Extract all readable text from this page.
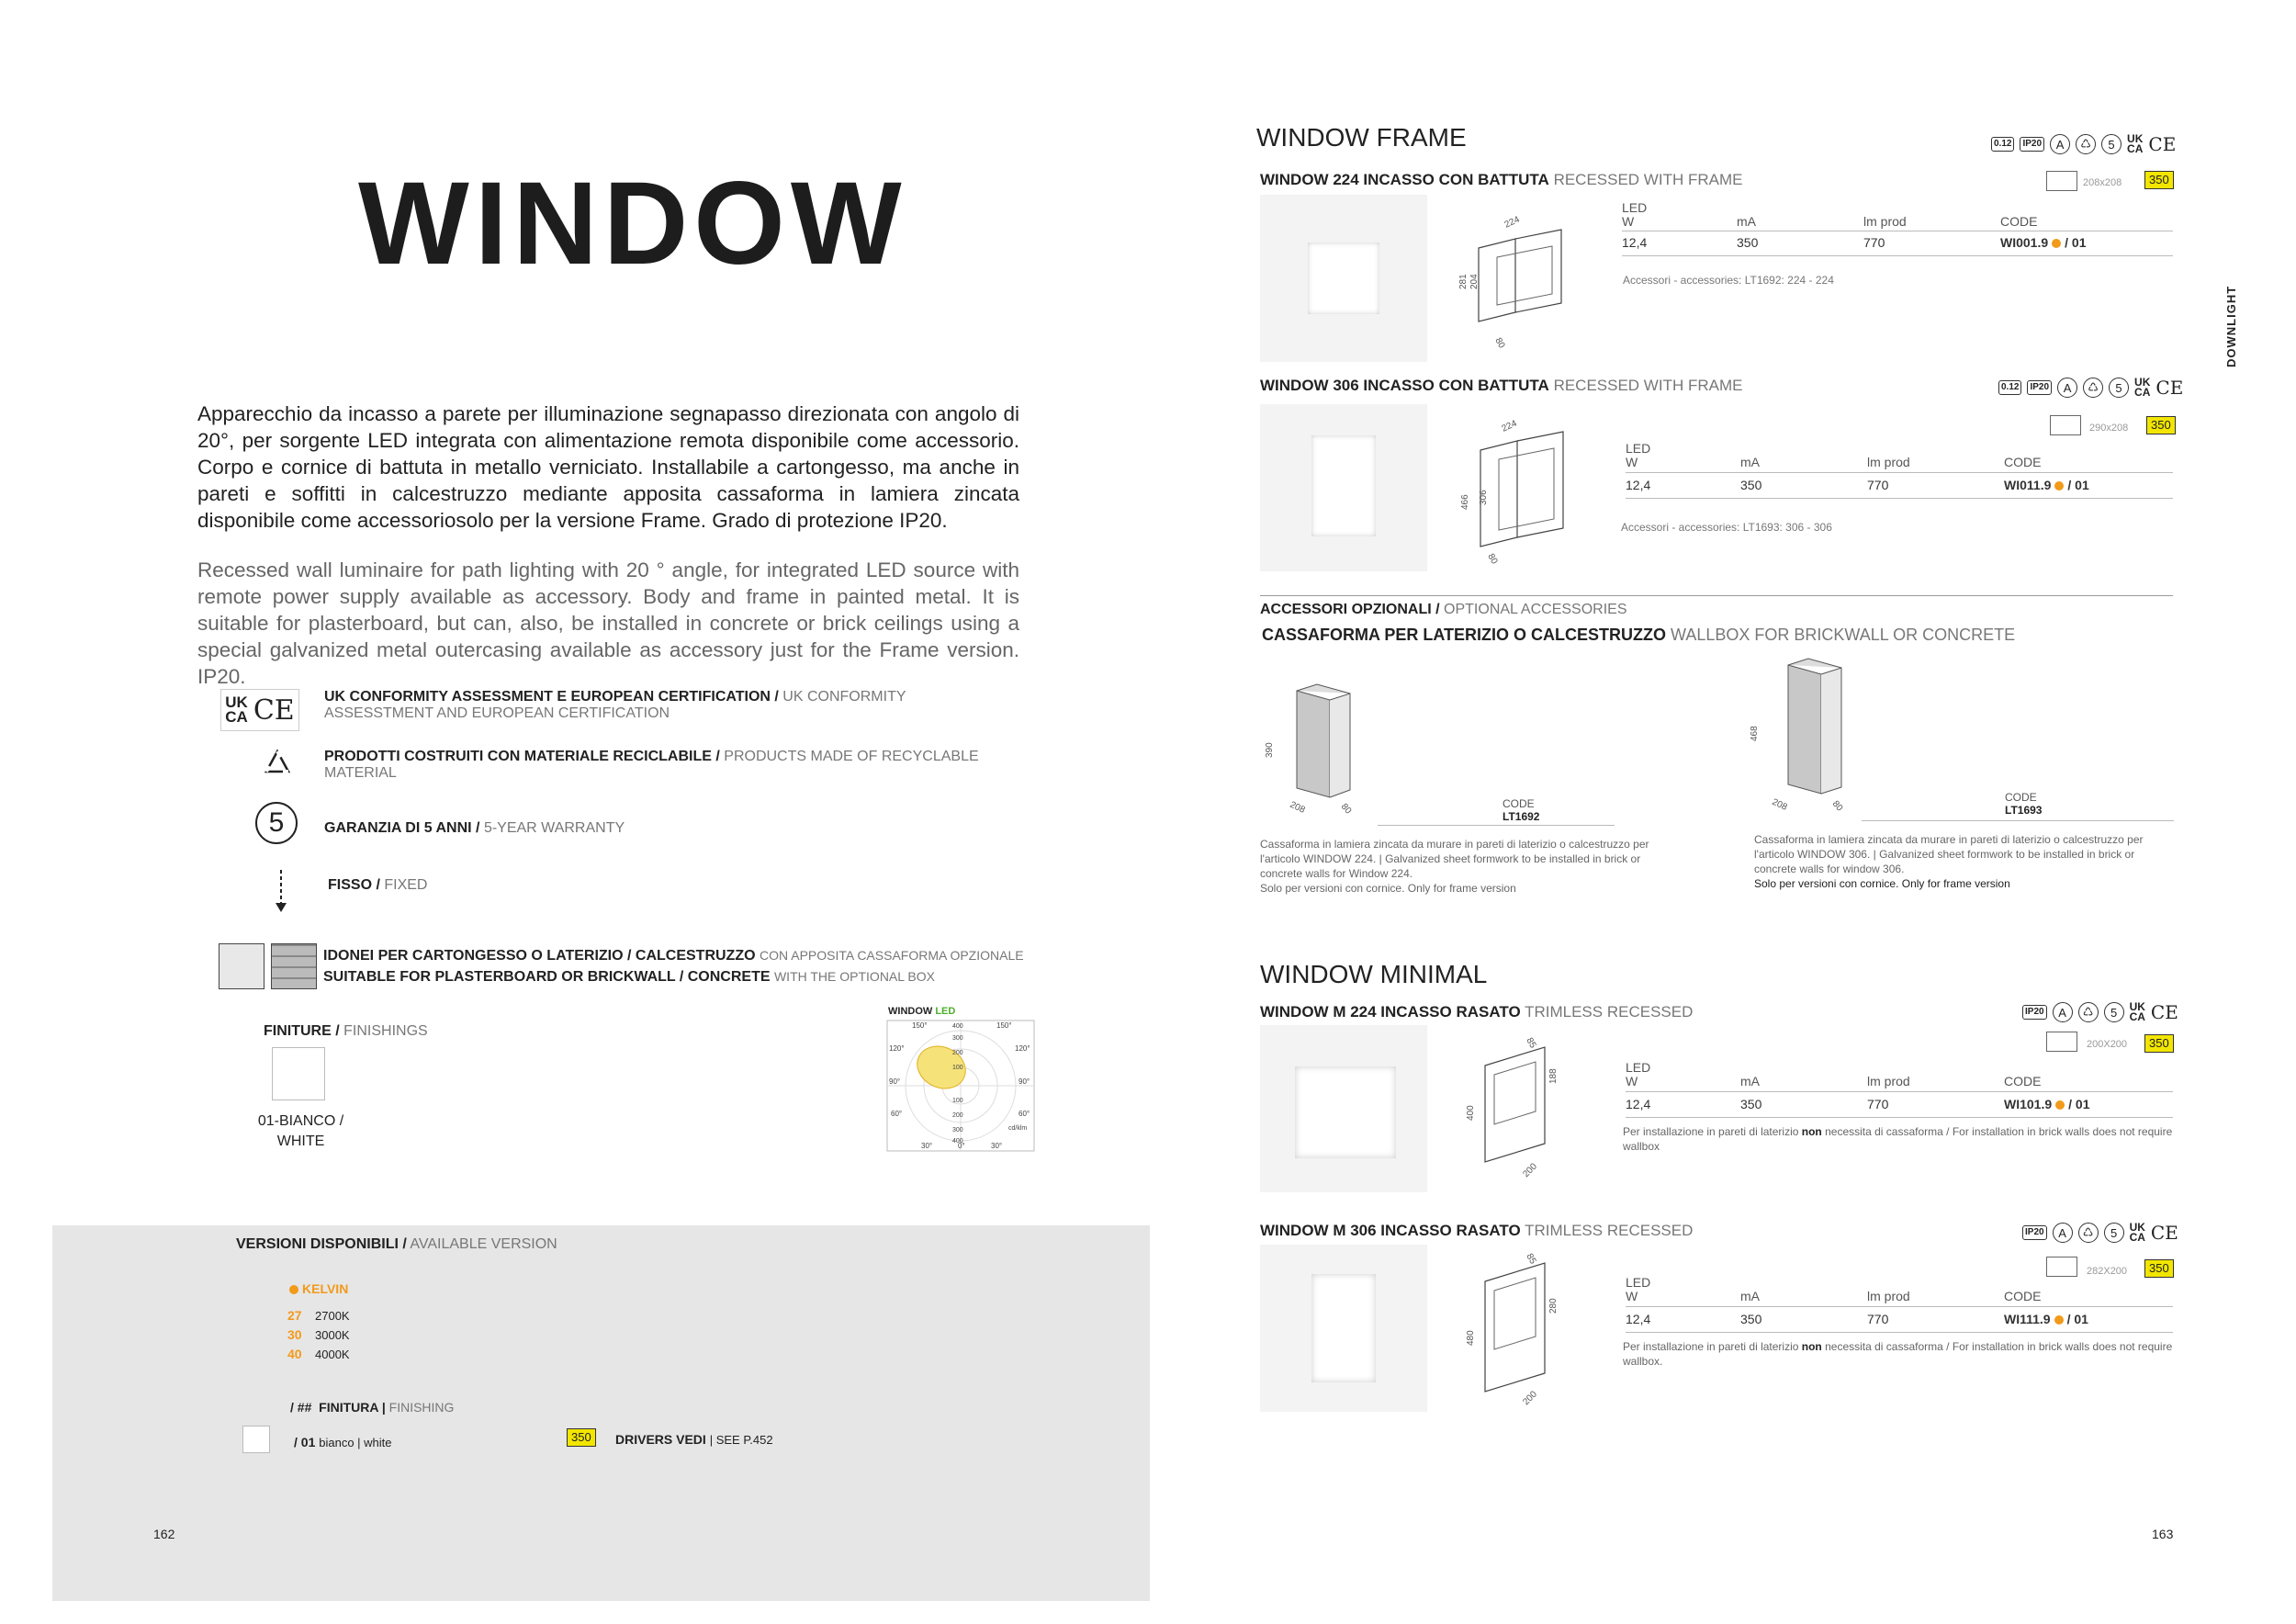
WINDOW
Apparecchio da incasso a parete per illuminazione segnapasso direzionata con angolo di 20°, per sorgente LED integrata con alimentazione remota disponibile come accessorio. Corpo e cornice di battuta in metallo verniciato. Installabile a cartongesso, ma anche in pareti e soffitti in calcestruzzo mediante apposita cassaforma in lamiera zincata disponibile come accessoriosolo per la versione Frame. Grado di protezione IP20.
Recessed wall luminaire for path lighting with 20 ° angle, for integrated LED source with remote power supply available as accessory. Body and frame in painted metal. It is suitable for plasterboard, but can, also, be installed in concrete or brick ceilings using a special galvanized metal outercasing available as accessory just for the Frame version. IP20.
UK
CA CE UK CONFORMITY ASSESSMENT E EUROPEAN CERTIFICATION / UK CONFORMITY
ASSESSTMENT AND EUROPEAN CERTIFICATION
PRODOTTI COSTRUITI CON MATERIALE RECICLABILE / PRODUCTS MADE OF RECYCLABLE
MATERIAL
5	GARANZIA DI 5 ANNI / 5-YEAR WARRANTY
FISSO / FIXED
IDONEI PER CARTONGESSO O LATERIZIO / CALCESTRUZZO CON APPOSITA CASSAFORMA OPZIONALE
SUITABLE FOR PLASTERBOARD OR BRICKWALL / CONCRETE WITH THE OPTIONAL BOX
FINITURE / FINISHINGS
01-BIANCO /
WHITE
WINDOW LED
150°	150°
120°	120°
90°	90°
60°	60°
30°	0°	30°
400
300
200
100
100
200
300
400
cd/klm
VERSIONI DISPONIBILI / AVAILABLE VERSION
KELVIN
27 2700K
30 3000K
40 4000K
/ ## FINITURA | FINISHING
/ 01 bianco | white	350	DRIVERS VEDI | SEE P.452
162
WINDOW FRAME
WINDOW MINIMAL
DOWNLIGHT
163
0.12	IP20	A	♺	5	UK
CA CE
WINDOW 224 INCASSO CON BATTUTA RECESSED WITH FRAME	208x208	350
224
281 204
80
LED
W	mA	lm prod	CODE
12,4	350	770	WI001.9 / 01
Accessori - accessories: LT1692: 224 - 224
WINDOW 306 INCASSO CON BATTUTA RECESSED WITH FRAME	0.12	IP20	A	♺	5	UK
CA CE
290x208	350
224
466 306
80
LED
W	mA	lm prod	CODE
12,4	350	770	WI011.9 / 01
Accessori - accessories: LT1693: 306 - 306
ACCESSORI OPZIONALI / OPTIONAL ACCESSORIES
CASSAFORMA PER LATERIZIO O CALCESTRUZZO WALLBOX FOR BRICKWALL OR CONCRETE
390
208	80	CODE
LT1692
Cassaforma in lamiera zincata da murare in pareti di laterizio o calcestruzzo per
l'articolo WINDOW 224. | Galvanized sheet formwork to be installed in brick or
concrete walls for Window 224.
Solo per versioni con cornice. Only for frame version
468
208	80
CODE
LT1693
Cassaforma in lamiera zincata da murare in pareti di laterizio o calcestruzzo per
l'articolo WINDOW 306. | Galvanized sheet formwork to be installed in brick or
concrete walls for window 306.
Solo per versioni con cornice. Only for frame version
WINDOW M 224 INCASSO RASATO TRIMLESS RECESSED	IP20	A	♺	5	UK
CA CE
200X200	350
85
188
400
200
LED
W	mA	lm prod	CODE
12,4	350	770	WI101.9 / 01
Per installazione in pareti di laterizio non necessita di cassaforma / For installation in brick walls does not require wallbox
WINDOW M 306 INCASSO RASATO TRIMLESS RECESSED	IP20	A	♺	5	UK
CA CE
282X200	350
85
280
480
200
LED
W	mA	lm prod	CODE
12,4	350	770	WI111.9 / 01
Per installazione in pareti di laterizio non necessita di cassaforma / For installation in brick walls does not require wallbox.
